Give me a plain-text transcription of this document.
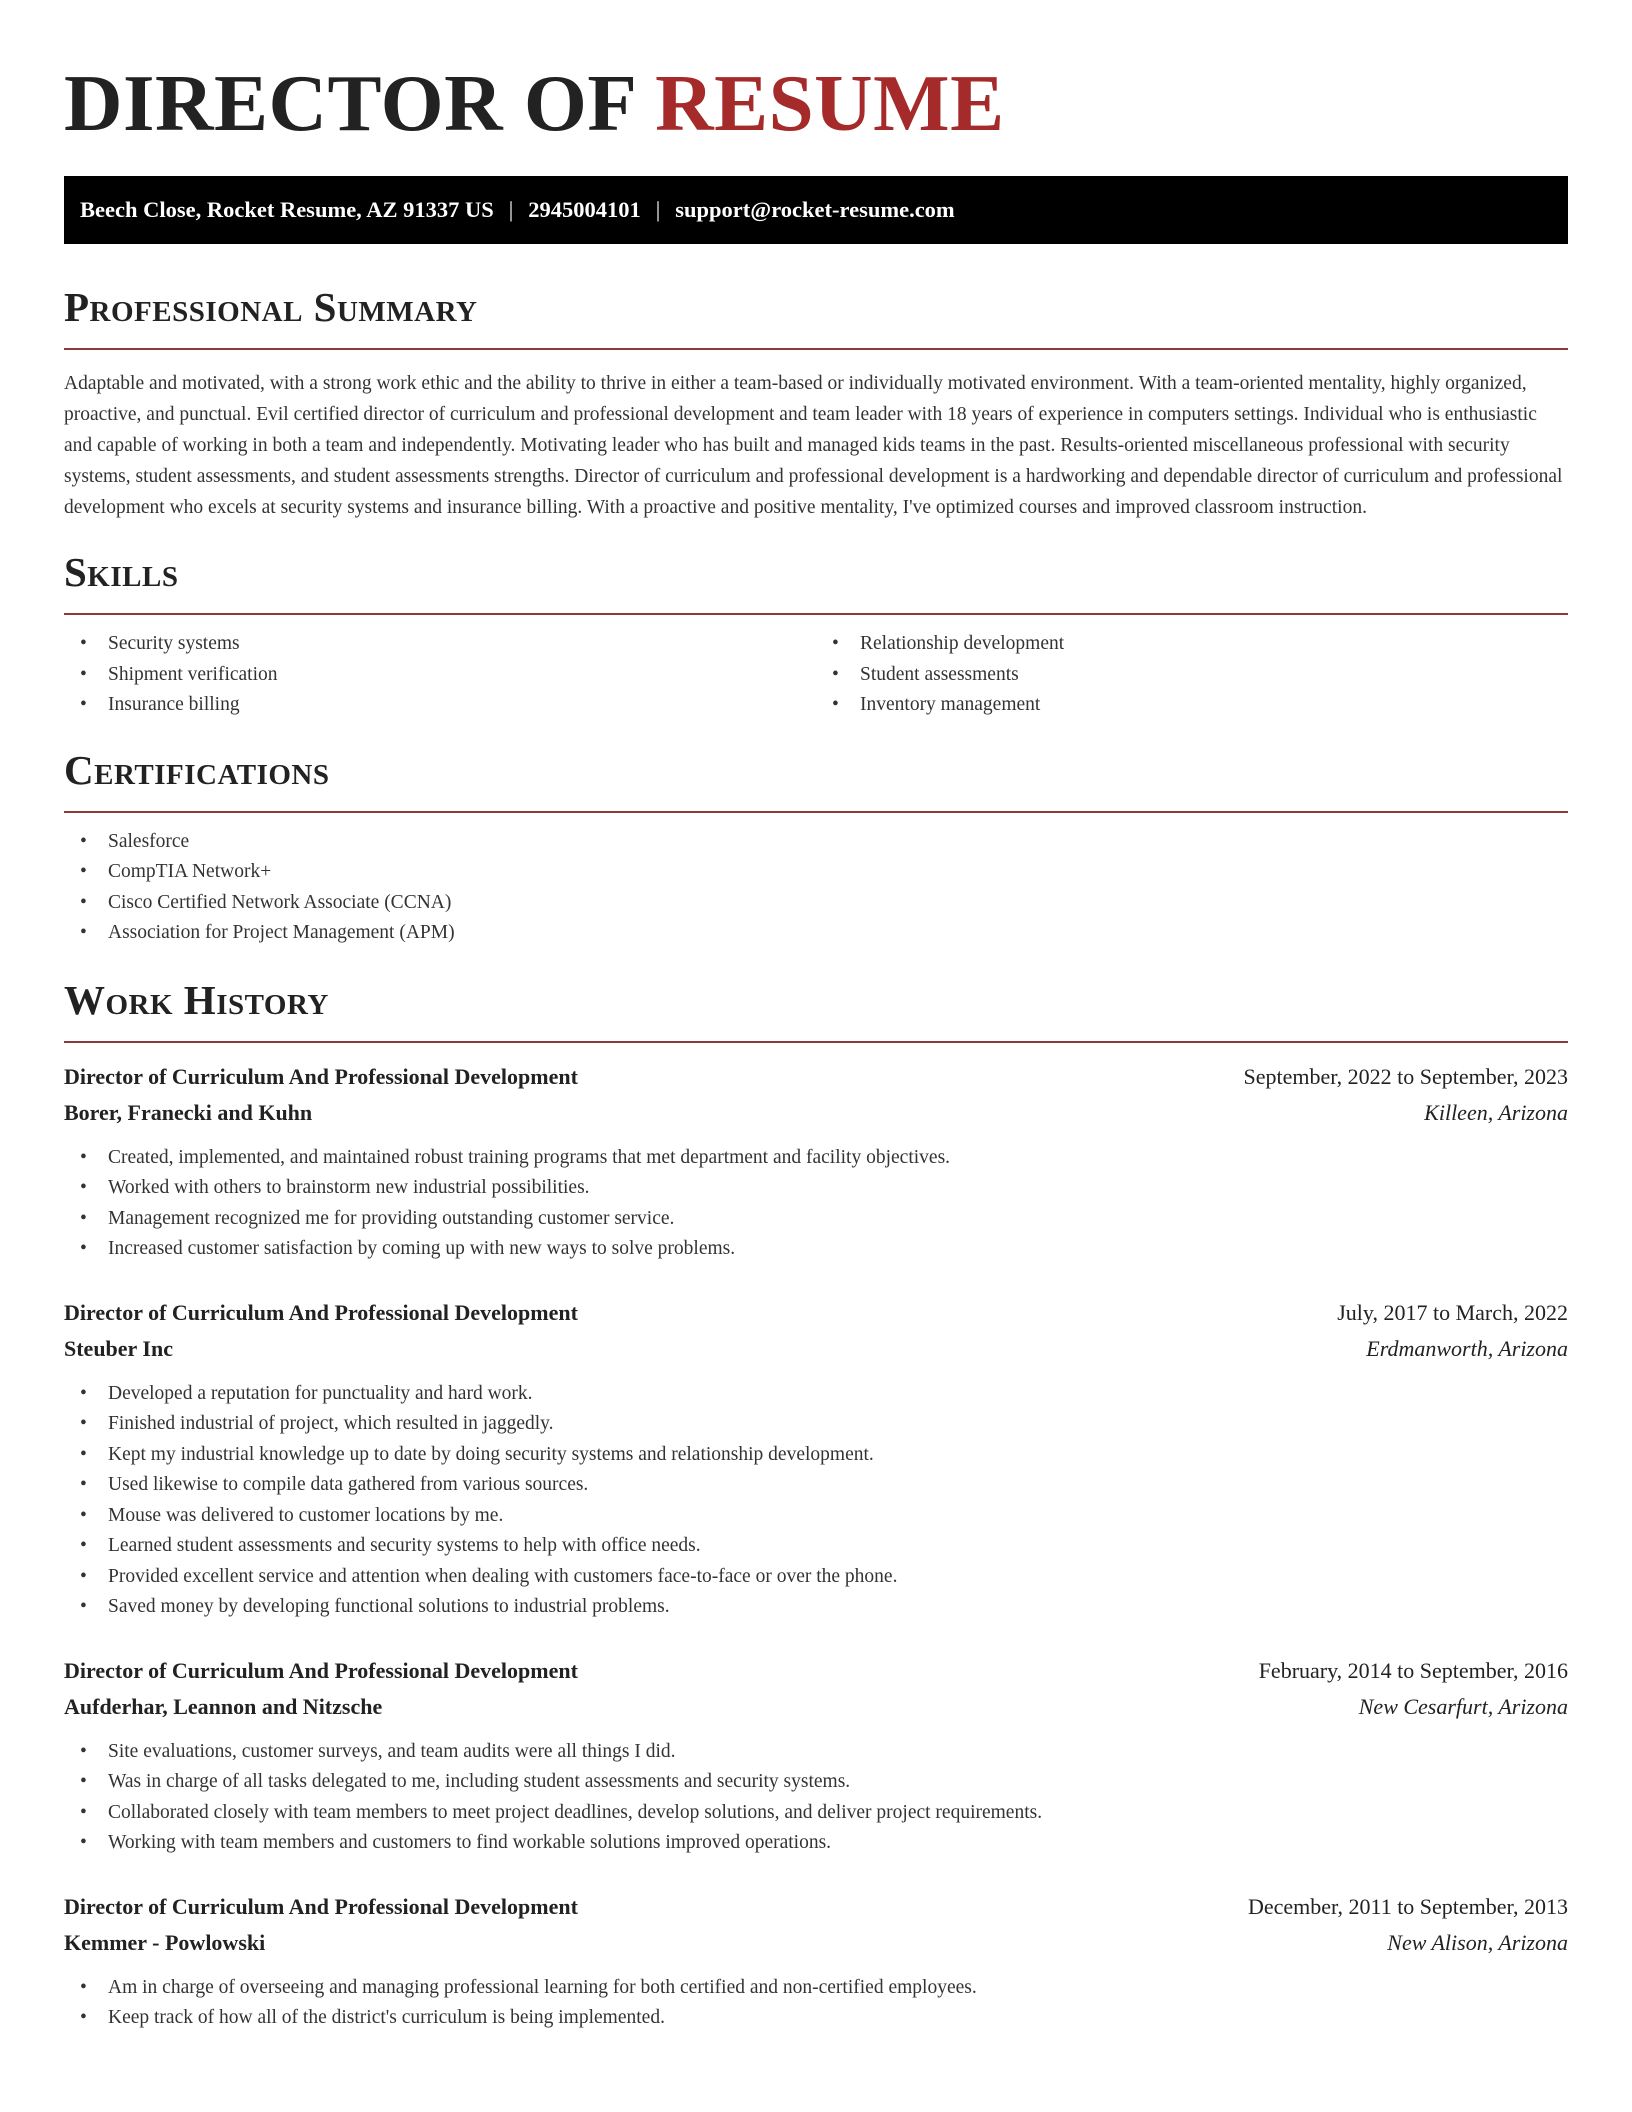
DIRECTOR OF RESUME
Beech Close, Rocket Resume, AZ 91337 US | 2945004101 | support@rocket-resume.com
Professional Summary

Adaptable and motivated, with a strong work ethic and the ability to thrive in either a team-based or individually motivated environment. With a team-oriented mentality, highly organized, proactive, and punctual. Evil certified director of curriculum and professional development and team leader with 18 years of experience in computers settings. Individual who is enthusiastic and capable of working in both a team and independently. Motivating leader who has built and managed kids teams in the past. Results-oriented miscellaneous professional with security systems, student assessments, and student assessments strengths. Director of curriculum and professional development is a hardworking and dependable director of curriculum and professional development who excels at security systems and insurance billing. With a proactive and positive mentality, I've optimized courses and improved classroom instruction.

Skills
• Security systems
• Shipment verification
• Insurance billing
• Relationship development
• Student assessments
• Inventory management
Certifications
• Salesforce
• CompTIA Network+
• Cisco Certified Network Associate (CCNA)
• Association for Project Management (APM)
Work History
Director of Curriculum And Professional Development	September, 2022 to September, 2023
Borer, Franecki and Kuhn	Killeen, Arizona
• Created, implemented, and maintained robust training programs that met department and facility objectives.
• Worked with others to brainstorm new industrial possibilities.
• Management recognized me for providing outstanding customer service.
• Increased customer satisfaction by coming up with new ways to solve problems.
Director of Curriculum And Professional Development	July, 2017 to March, 2022
Steuber Inc	Erdmanworth, Arizona
• Developed a reputation for punctuality and hard work.
• Finished industrial of project, which resulted in jaggedly.
• Kept my industrial knowledge up to date by doing security systems and relationship development.
• Used likewise to compile data gathered from various sources.
• Mouse was delivered to customer locations by me.
• Learned student assessments and security systems to help with office needs.
• Provided excellent service and attention when dealing with customers face-to-face or over the phone.
• Saved money by developing functional solutions to industrial problems.
Director of Curriculum And Professional Development	February, 2014 to September, 2016
Aufderhar, Leannon and Nitzsche	New Cesarfurt, Arizona
• Site evaluations, customer surveys, and team audits were all things I did.
• Was in charge of all tasks delegated to me, including student assessments and security systems.
• Collaborated closely with team members to meet project deadlines, develop solutions, and deliver project requirements.
• Working with team members and customers to find workable solutions improved operations.
Director of Curriculum And Professional Development	December, 2011 to September, 2013
Kemmer - Powlowski	New Alison, Arizona
• Am in charge of overseeing and managing professional learning for both certified and non-certified employees.
• Keep track of how all of the district's curriculum is being implemented.
